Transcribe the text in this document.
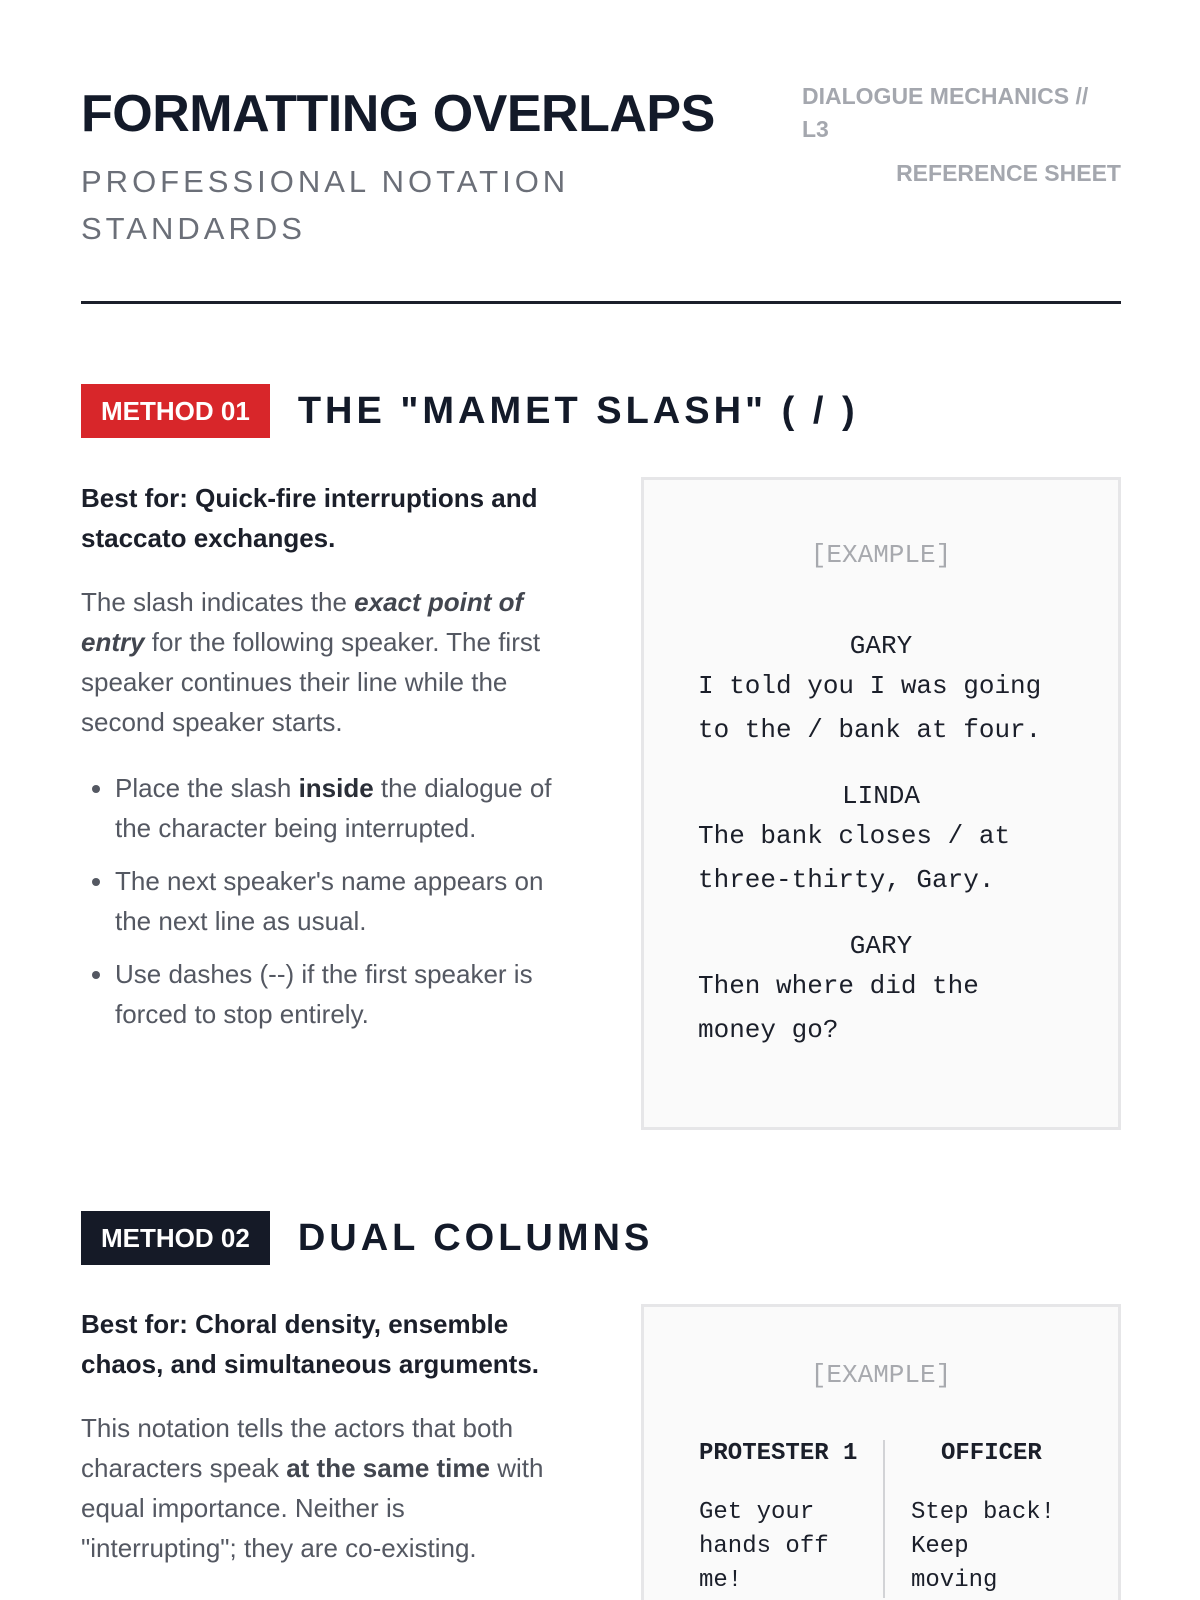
FORMATTING OVERLAPS
PROFESSIONAL NOTATION STANDARDS
DIALOGUE MECHANICS // L3
REFERENCE SHEET
METHOD 01	THE "MAMET SLASH" ( / )
Best for: Quick-fire interruptions and staccato exchanges.
The slash indicates the exact point of entry for the following speaker. The first speaker continues their line while the second speaker starts.
• Place the slash inside the dialogue of the character being interrupted.
• The next speaker's name appears on the next line as usual.
• Use dashes (--) if the first speaker is forced to stop entirely.
[EXAMPLE]
GARY
I told you I was going
to the / bank at four.
LINDA
The bank closes / at
three-thirty, Gary.
GARY
Then where did the
money go?
METHOD 02	DUAL COLUMNS
Best for: Choral density, ensemble chaos, and simultaneous arguments.
This notation tells the actors that both characters speak at the same time with equal importance. Neither is "interrupting"; they are co-existing.
[EXAMPLE]
PROTESTER 1
Get your
hands off
me!
OFFICER
Step back!
Keep
moving
